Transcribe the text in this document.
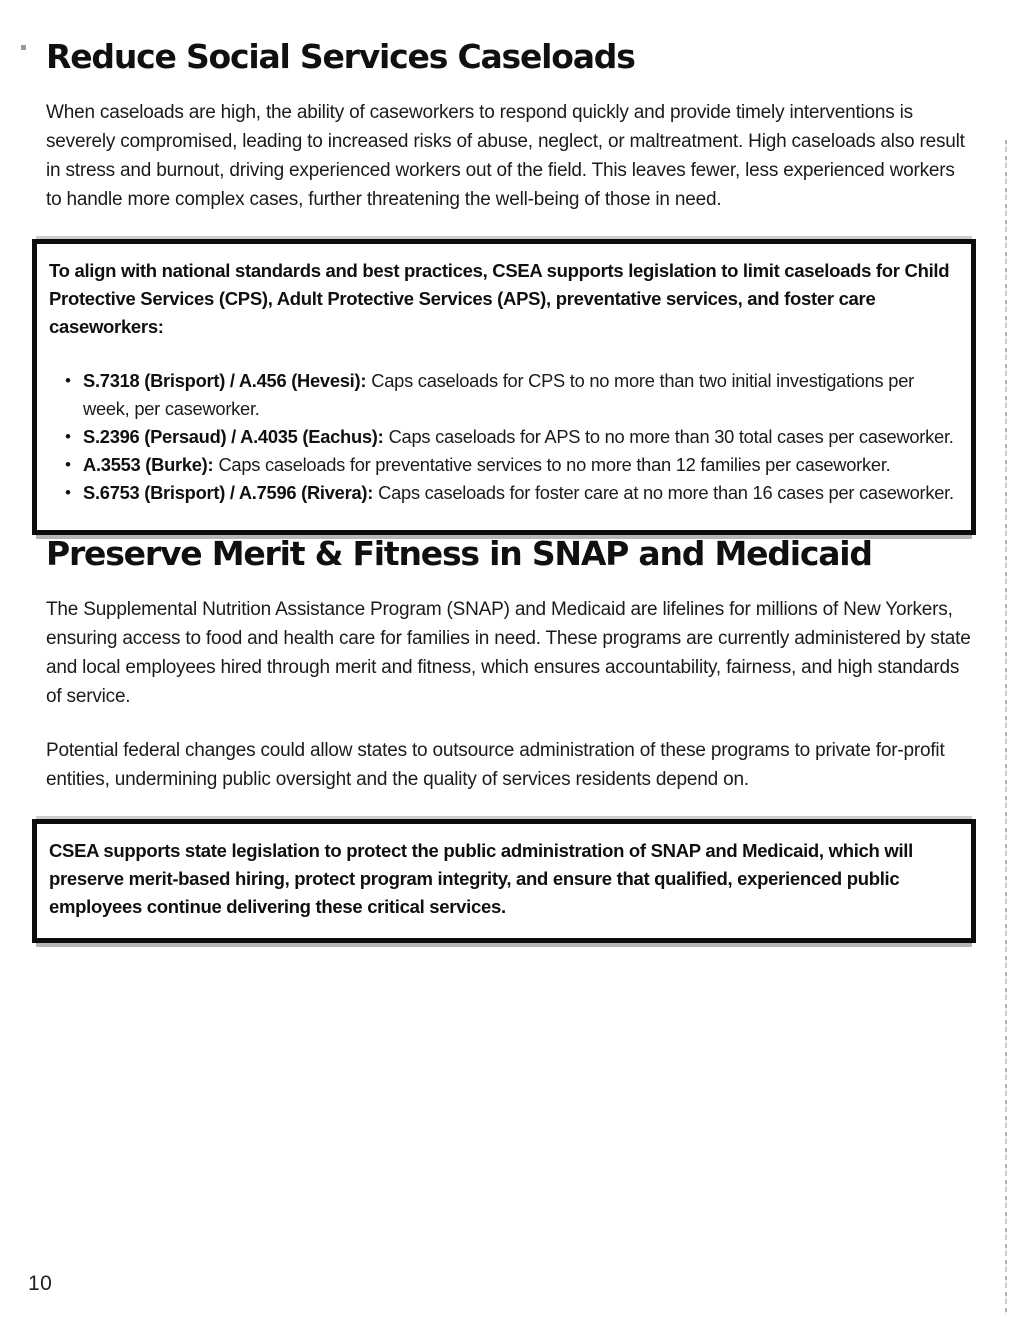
Reduce Social Services Caseloads

When caseloads are high, the ability of caseworkers to respond quickly and provide timely interventions is severely compromised, leading to increased risks of abuse, neglect, or maltreatment. High caseloads also result in stress and burnout, driving experienced workers out of the field. This leaves fewer, less experienced workers to handle more complex cases, further threatening the well-being of those in need.

To align with national standards and best practices, CSEA supports legislation to limit caseloads for Child Protective Services (CPS), Adult Protective Services (APS), preventative services, and foster care caseworkers:

• S.7318 (Brisport) / A.456 (Hevesi): Caps caseloads for CPS to no more than two initial investigations per week, per caseworker.
• S.2396 (Persaud) / A.4035 (Eachus): Caps caseloads for APS to no more than 30 total cases per caseworker.
• A.3553 (Burke): Caps caseloads for preventative services to no more than 12 families per caseworker.
• S.6753 (Brisport) / A.7596 (Rivera): Caps caseloads for foster care at no more than 16 cases per caseworker.
Preserve Merit & Fitness in SNAP and Medicaid

The Supplemental Nutrition Assistance Program (SNAP) and Medicaid are lifelines for millions of New Yorkers, ensuring access to food and health care for families in need. These programs are currently administered by state and local employees hired through merit and fitness, which ensures accountability, fairness, and high standards of service.

Potential federal changes could allow states to outsource administration of these programs to private for-profit entities, undermining public oversight and the quality of services residents depend on.

CSEA supports state legislation to protect the public administration of SNAP and Medicaid, which will preserve merit-based hiring, protect program integrity, and ensure that qualified, experienced public employees continue delivering these critical services.

10
